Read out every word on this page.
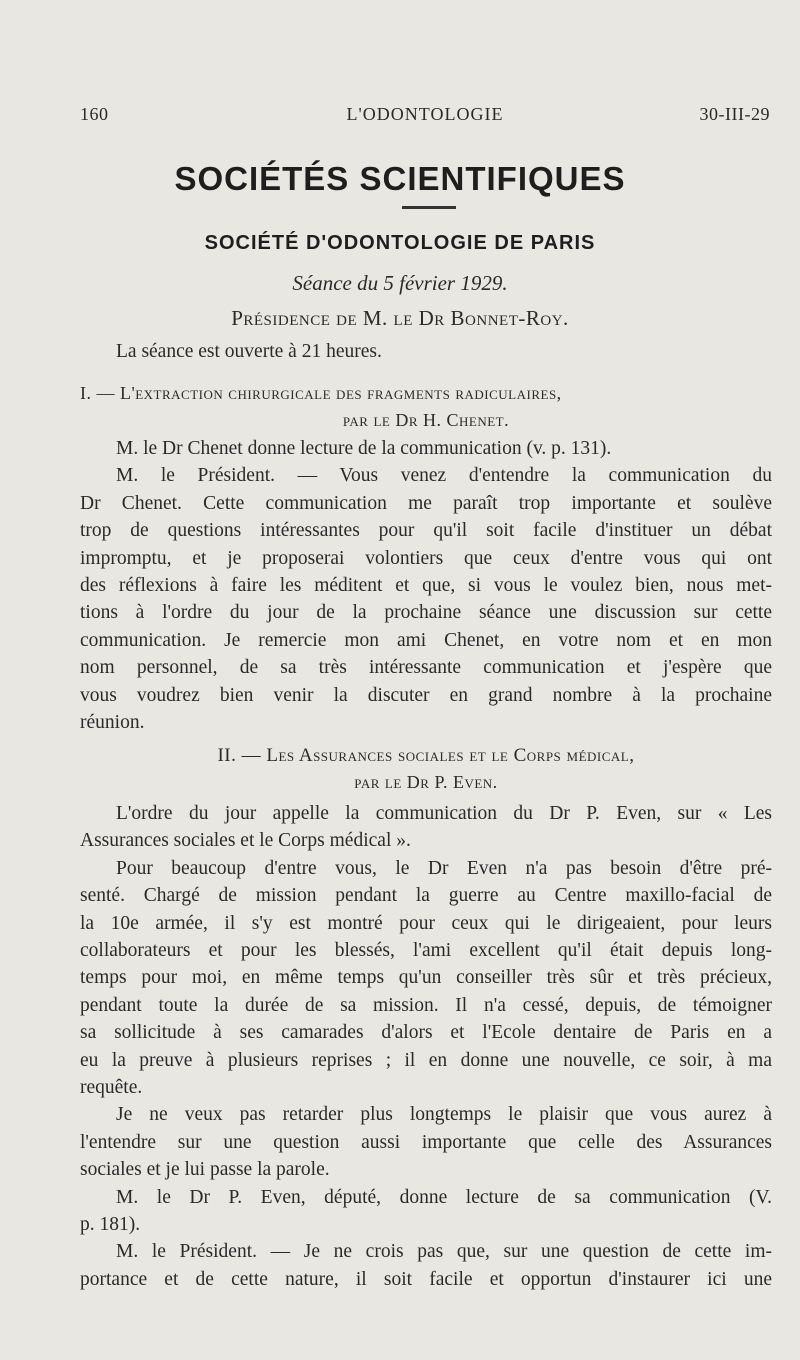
160	L'ODONTOLOGIE	30-III-29
SOCIÉTÉS SCIENTIFIQUES
SOCIÉTÉ D'ODONTOLOGIE DE PARIS
Séance du 5 février 1929.
Présidence de M. le Dr Bonnet-Roy.
La séance est ouverte à 21 heures.
I. — L'extraction chirurgicale des fragments radiculaires,
par le Dr H. Chenet.
M. le Dr Chenet donne lecture de la communication (v. p. 131).
M. le Président. — Vous venez d'entendre la communication du
Dr Chenet. Cette communication me paraît trop importante et soulève
trop de questions intéressantes pour qu'il soit facile d'instituer un débat
impromptu, et je proposerai volontiers que ceux d'entre vous qui ont
des réflexions à faire les méditent et que, si vous le voulez bien, nous met-
tions à l'ordre du jour de la prochaine séance une discussion sur cette
communication. Je remercie mon ami Chenet, en votre nom et en mon
nom personnel, de sa très intéressante communication et j'espère que
vous voudrez bien venir la discuter en grand nombre à la prochaine
réunion.
II. — Les Assurances sociales et le Corps médical,
par le Dr P. Even.
L'ordre du jour appelle la communication du Dr P. Even, sur « Les
Assurances sociales et le Corps médical ».
Pour beaucoup d'entre vous, le Dr Even n'a pas besoin d'être pré-
senté. Chargé de mission pendant la guerre au Centre maxillo-facial de
la 10e armée, il s'y est montré pour ceux qui le dirigeaient, pour leurs
collaborateurs et pour les blessés, l'ami excellent qu'il était depuis long-
temps pour moi, en même temps qu'un conseiller très sûr et très précieux,
pendant toute la durée de sa mission. Il n'a cessé, depuis, de témoigner
sa sollicitude à ses camarades d'alors et l'Ecole dentaire de Paris en a
eu la preuve à plusieurs reprises ; il en donne une nouvelle, ce soir, à ma
requête.
Je ne veux pas retarder plus longtemps le plaisir que vous aurez à
l'entendre sur une question aussi importante que celle des Assurances
sociales et je lui passe la parole.
M. le Dr P. Even, député, donne lecture de sa communication (V.
p. 181).
M. le Président. — Je ne crois pas que, sur une question de cette im-
portance et de cette nature, il soit facile et opportun d'instaurer ici une
